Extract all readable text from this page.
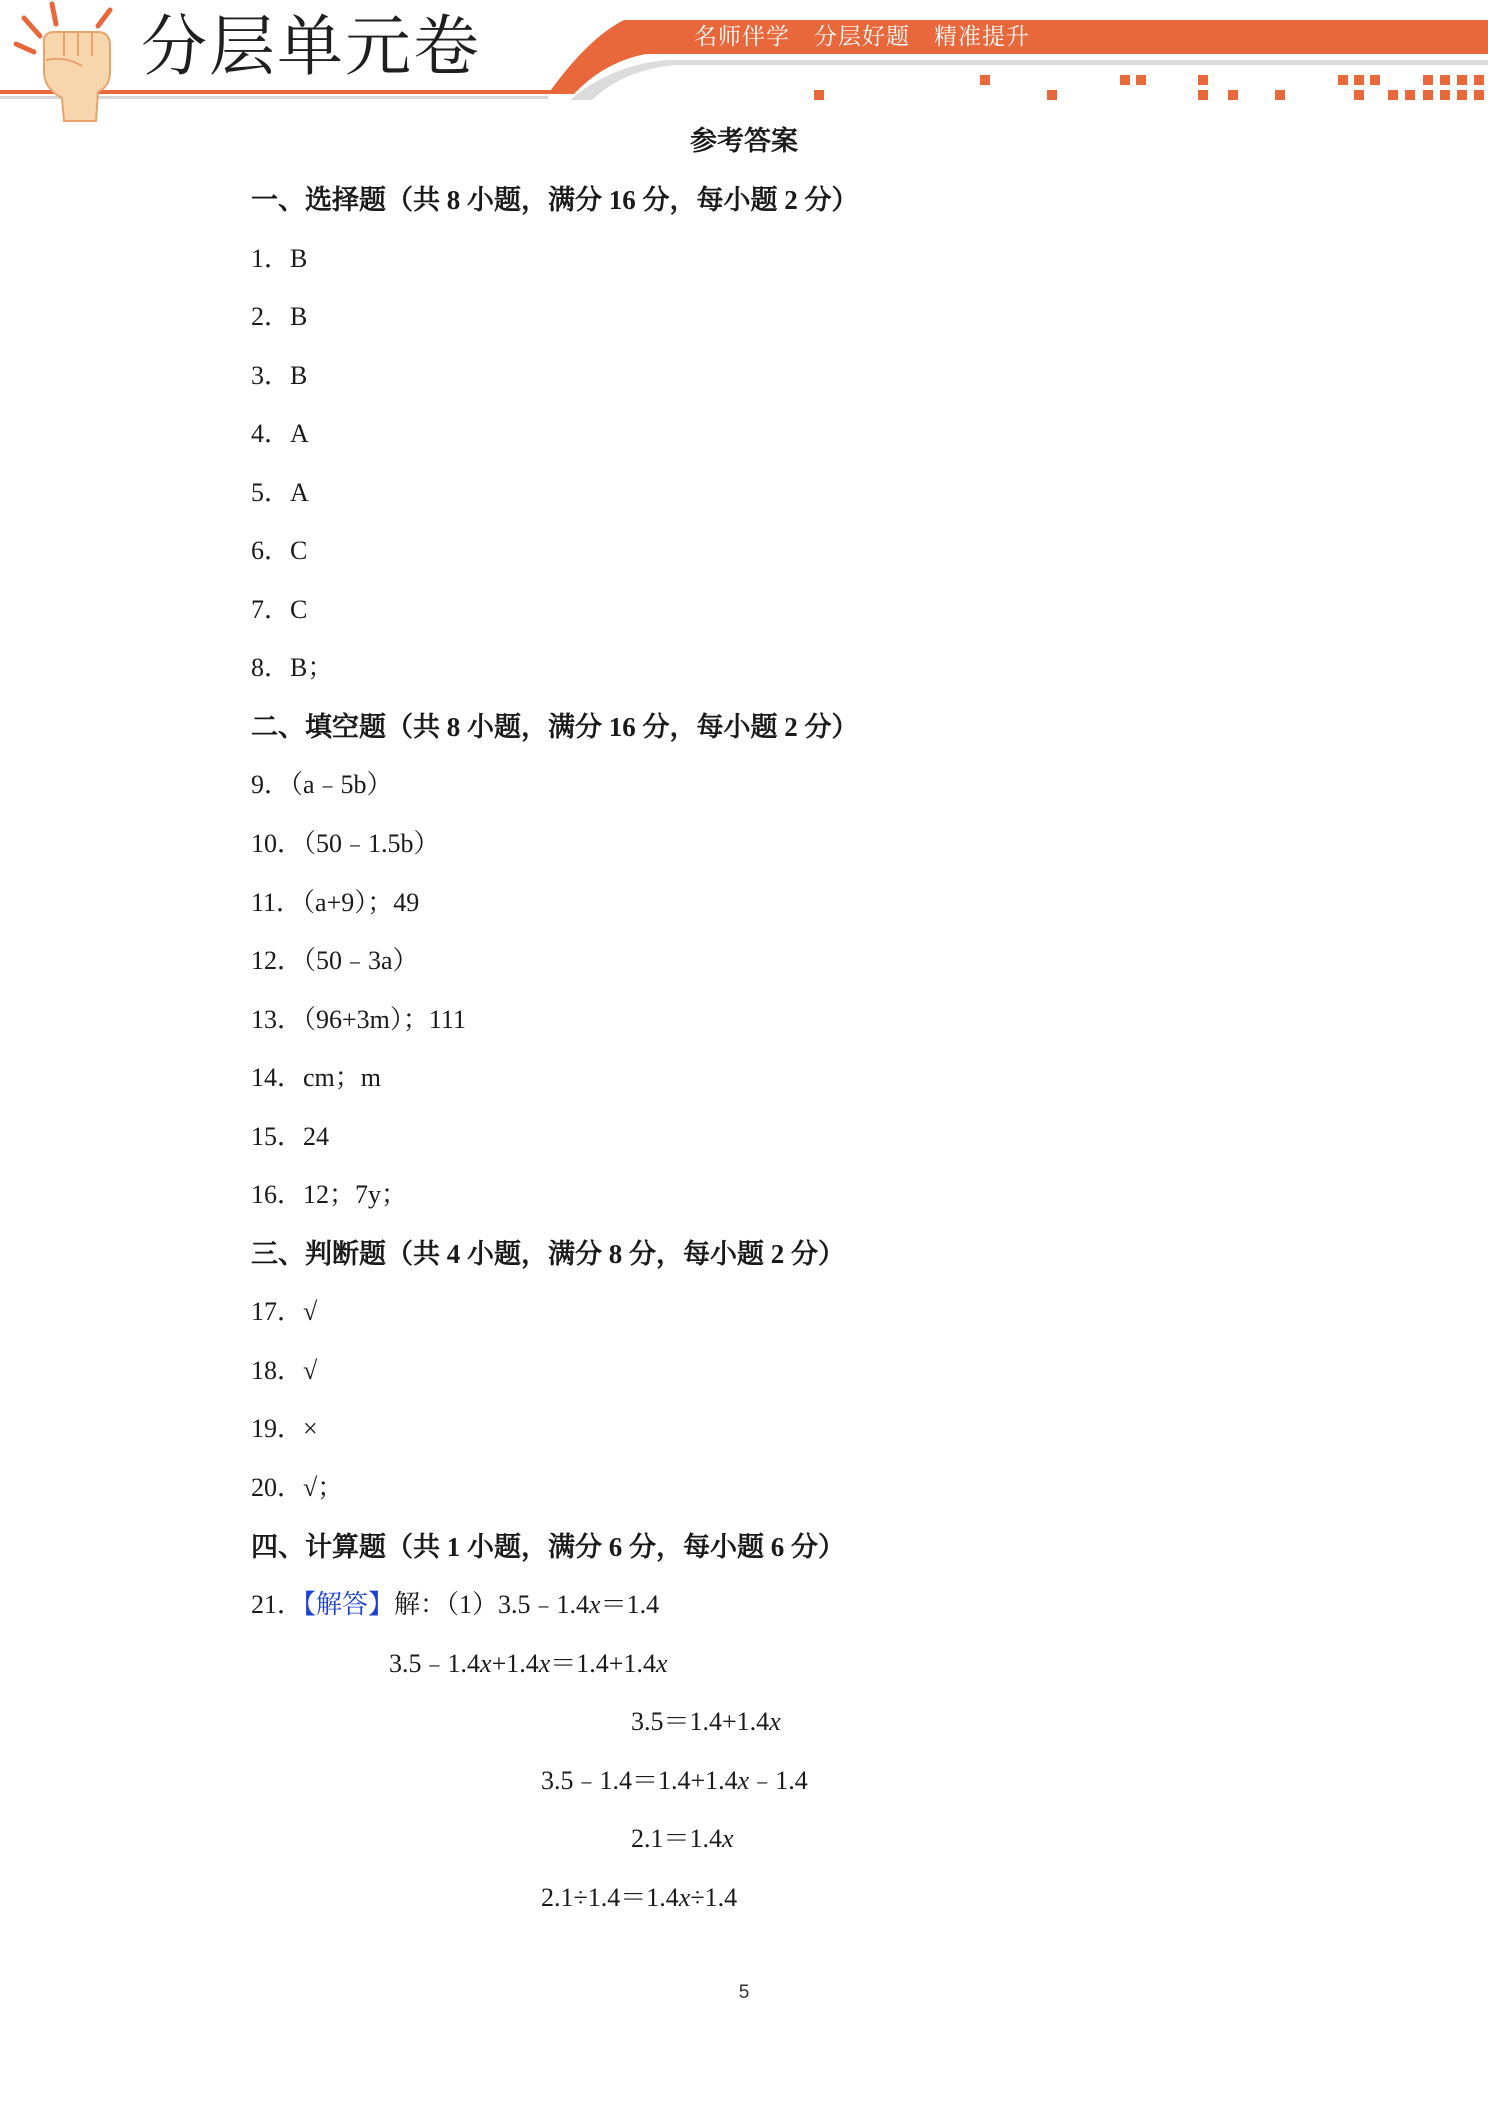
分层单元卷	名师伴学　分层好题　精准提升
参考答案
一、选择题（共 8 小题，满分 16 分，每小题 2 分）
1．B
2．B
3．B
4．A
5．A
6．C
7．C
8．B；
二、填空题（共 8 小题，满分 16 分，每小题 2 分）
9．（a﹣5b）
10．（50﹣1.5b）
11．（a+9）；49
12．（50﹣3a）
13．（96+3m）；111
14．cm；m
15．24
16．12；7y；
三、判断题（共 4 小题，满分 8 分，每小题 2 分）
17．√
18．√
19．×
20．√；
四、计算题（共 1 小题，满分 6 分，每小题 6 分）
21．【解答】解：（1）3.5﹣1.4x＝1.4
3.5﹣1.4x+1.4x＝1.4+1.4x
3.5＝1.4+1.4x
3.5﹣1.4＝1.4+1.4x﹣1.4
2.1＝1.4x
2.1÷1.4＝1.4x÷1.4
5
